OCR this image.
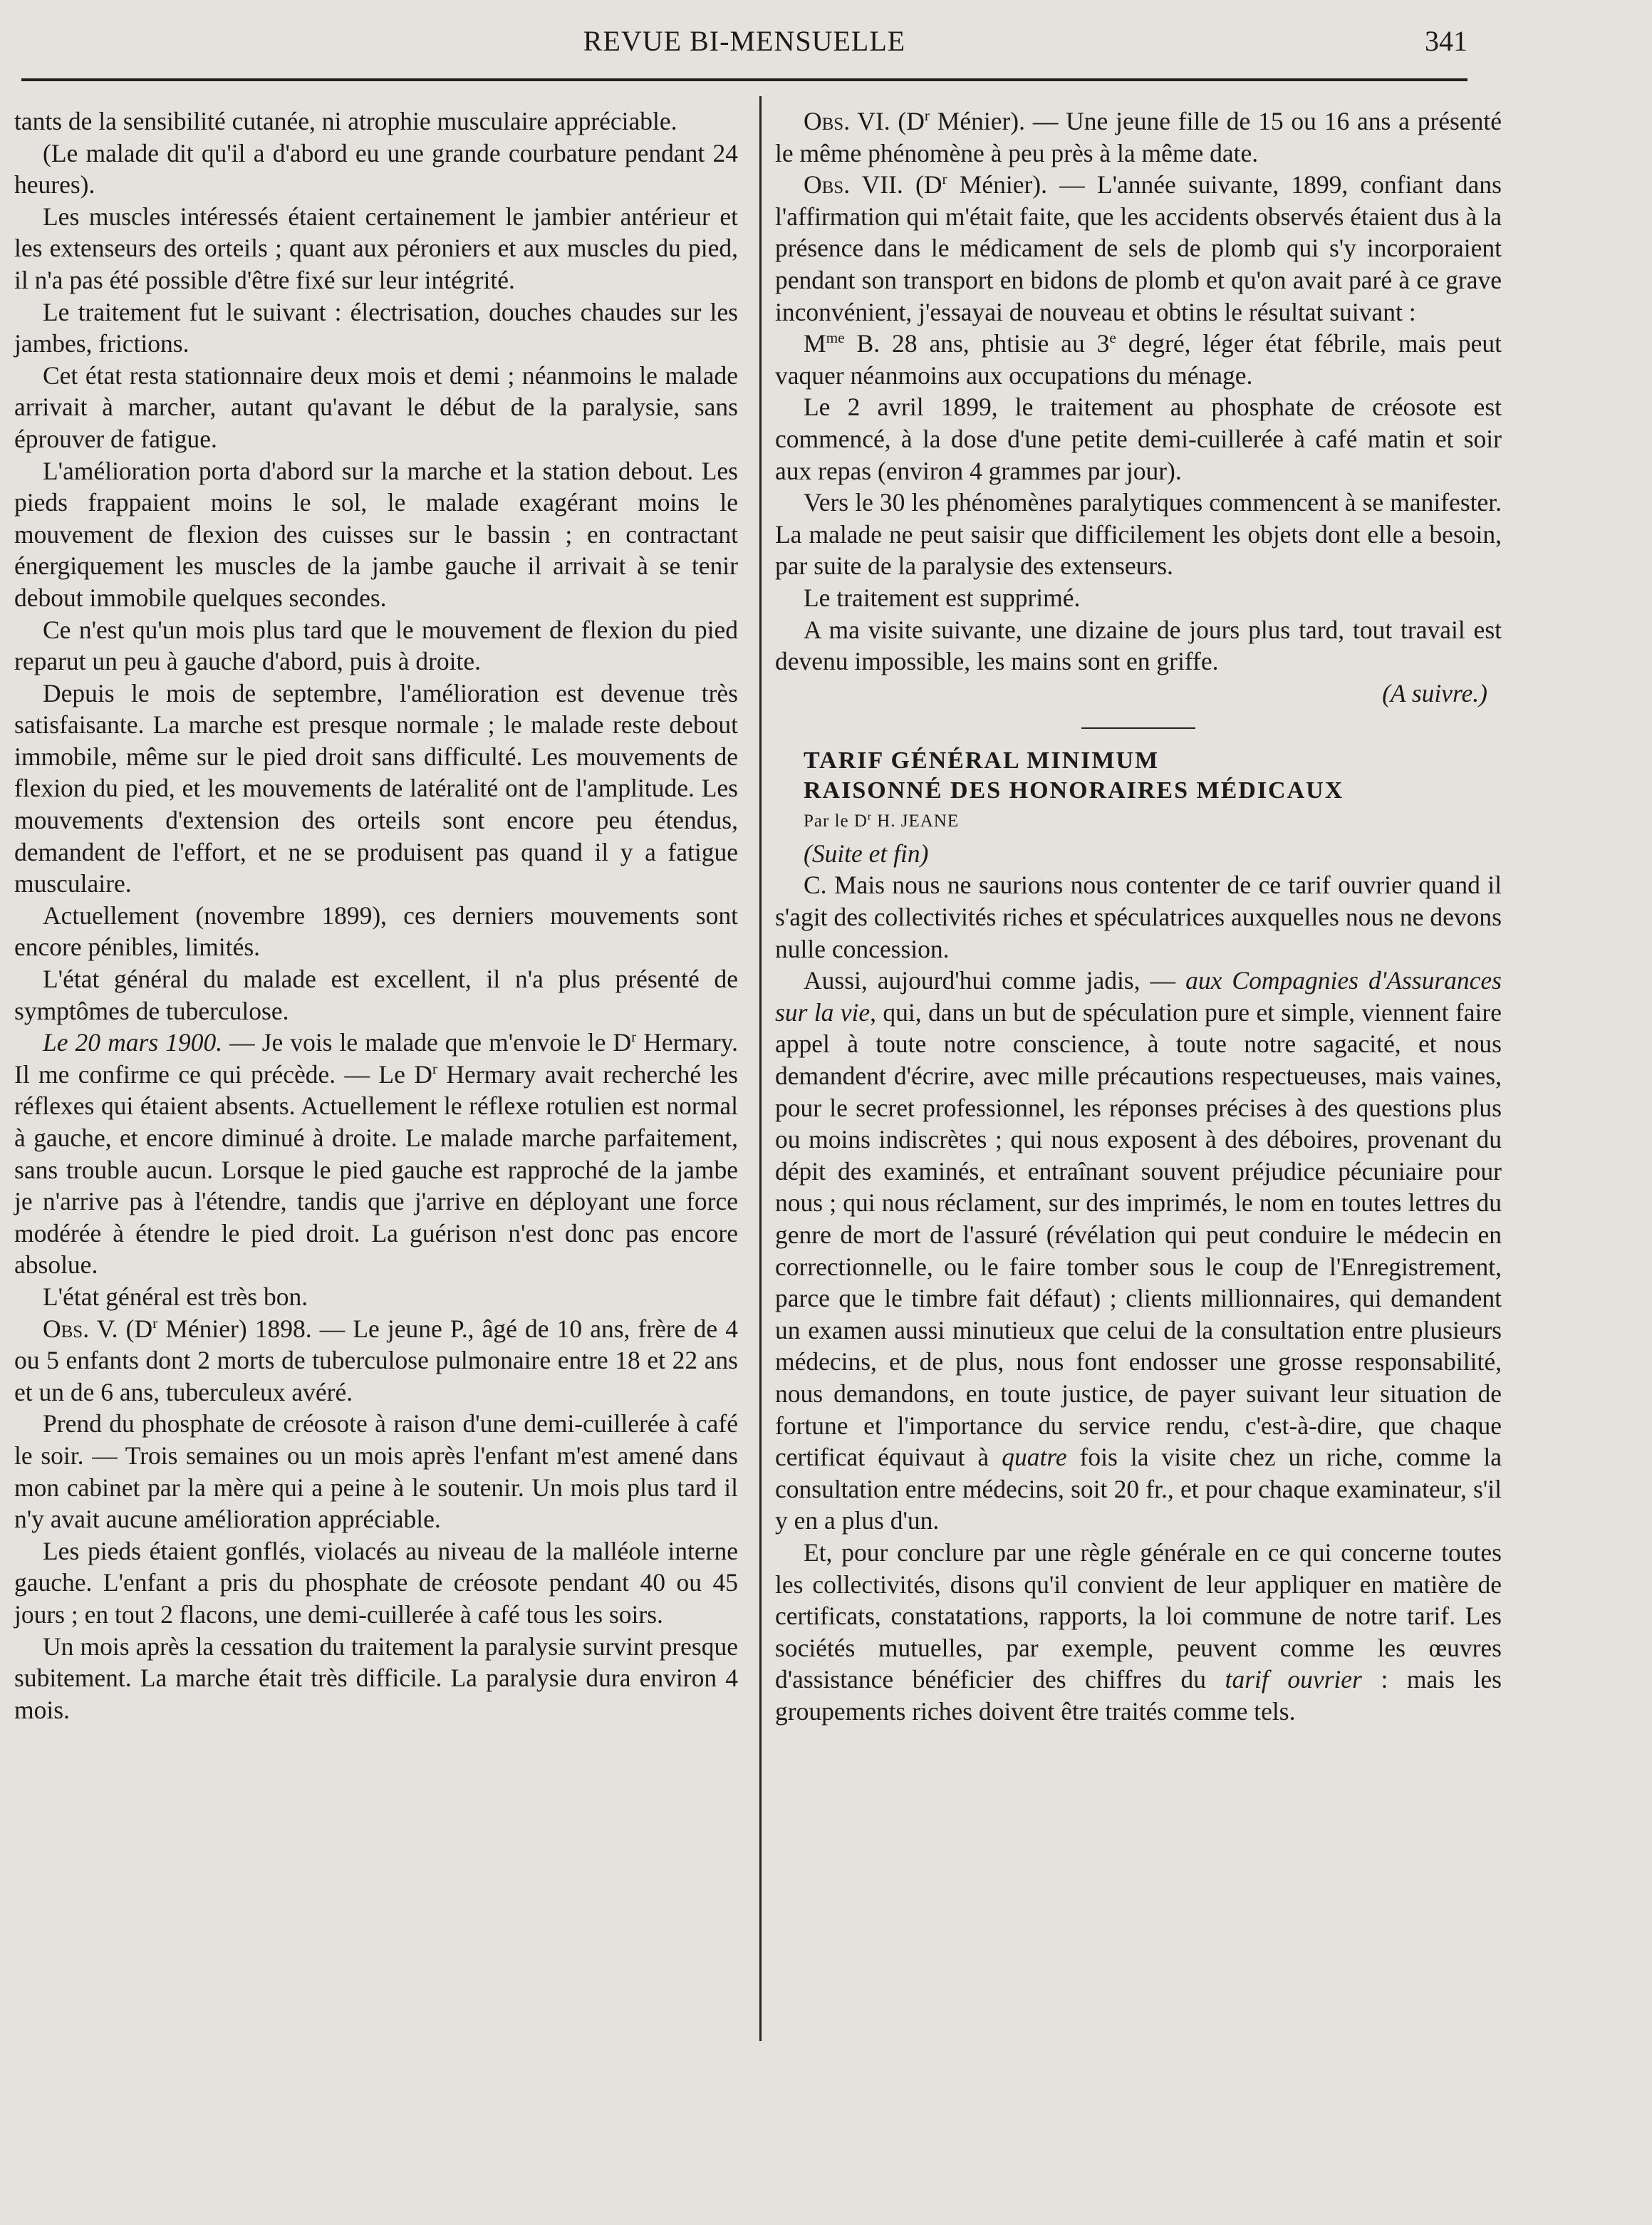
REVUE BI-MENSUELLE	341

tants de la sensibilité cutanée, ni atrophie musculaire appréciable.

(Le malade dit qu'il a d'abord eu une grande courbature pendant 24 heures).

Les muscles intéressés étaient certainement le jambier antérieur et les extenseurs des orteils ; quant aux péroniers et aux muscles du pied, il n'a pas été possible d'être fixé sur leur intégrité.

Le traitement fut le suivant : électrisation, douches chaudes sur les jambes, frictions.

Cet état resta stationnaire deux mois et demi ; néanmoins le malade arrivait à marcher, autant qu'avant le début de la paralysie, sans éprouver de fatigue.

L'amélioration porta d'abord sur la marche et la station debout. Les pieds frappaient moins le sol, le malade exagérant moins le mouvement de flexion des cuisses sur le bassin ; en contractant énergiquement les muscles de la jambe gauche il arrivait à se tenir debout immobile quelques secondes.

Ce n'est qu'un mois plus tard que le mouvement de flexion du pied reparut un peu à gauche d'abord, puis à droite.

Depuis le mois de septembre, l'amélioration est devenue très satisfaisante. La marche est presque normale ; le malade reste debout immobile, même sur le pied droit sans difficulté. Les mouvements de flexion du pied, et les mouvements de latéralité ont de l'amplitude. Les mouvements d'extension des orteils sont encore peu étendus, demandent de l'effort, et ne se produisent pas quand il y a fatigue musculaire.

Actuellement (novembre 1899), ces derniers mouvements sont encore pénibles, limités.

L'état général du malade est excellent, il n'a plus présenté de symptômes de tuberculose.

Le 20 mars 1900. — Je vois le malade que m'envoie le $D^r$ Hermary. Il me confirme ce qui précède. — Le $D^r$ Hermary avait recherché les réflexes qui étaient absents. Actuellement le réflexe rotulien est normal à gauche, et encore diminué à droite. Le malade marche parfaitement, sans trouble aucun. Lorsque le pied gauche est rapproché de la jambe je n'arrive pas à l'étendre, tandis que j'arrive en déployant une force modérée à étendre le pied droit. La guérison n'est donc pas encore absolue.

L'état général est très bon.

Obs. V. ($D^r$ Ménier) 1898. — Le jeune P., âgé de 10 ans, frère de 4 ou 5 enfants dont 2 morts de tuberculose pulmonaire entre 18 et 22 ans et un de 6 ans, tuberculeux avéré.

Prend du phosphate de créosote à raison d'une demi-cuillerée à café le soir. — Trois semaines ou un mois après l'enfant m'est amené dans mon cabinet par la mère qui a peine à le soutenir. Un mois plus tard il n'y avait aucune amélioration appréciable.

Les pieds étaient gonflés, violacés au niveau de la malléole interne gauche. L'enfant a pris du phosphate de créosote pendant 40 ou 45 jours ; en tout 2 flacons, une demi-cuillerée à café tous les soirs.

Un mois après la cessation du traitement la paralysie survint presque subitement. La marche était très difficile. La paralysie dura environ 4 mois.

Obs. VI. ($D^r$ Ménier). — Une jeune fille de 15 ou 16 ans a présenté le même phénomène à peu près à la même date.

Obs. VII. ($D^r$ Ménier). — L'année suivante, 1899, confiant dans l'affirmation qui m'était faite, que les accidents observés étaient dus à la présence dans le médicament de sels de plomb qui s'y incorporaient pendant son transport en bidons de plomb et qu'on avait paré à ce grave inconvénient, j'essayai de nouveau et obtins le résultat suivant :

$M^{me}$ B. 28 ans, phtisie au 3e degré, léger état fébrile, mais peut vaquer néanmoins aux occupations du ménage.

Le 2 avril 1899, le traitement au phosphate de créosote est commencé, à la dose d'une petite demi-cuillerée à café matin et soir aux repas (environ 4 grammes par jour).

Vers le 30 les phénomènes paralytiques commencent à se manifester. La malade ne peut saisir que difficilement les objets dont elle a besoin, par suite de la paralysie des extenseurs.

Le traitement est supprimé.

A ma visite suivante, une dizaine de jours plus tard, tout travail est devenu impossible, les mains sont en griffe.

(A suivre.)

TARIF GÉNÉRAL MINIMUM

RAISONNÉ DES HONORAIRES MÉDICAUX

Par le $D^r$ H. JEANE

(Suite et fin)

C. Mais nous ne saurions nous contenter de ce tarif ouvrier quand il s'agit des collectivités riches et spéculatrices auxquelles nous ne devons nulle concession.

Aussi, aujourd'hui comme jadis, — aux Compagnies d'Assurances sur la vie, qui, dans un but de spéculation pure et simple, viennent faire appel à toute notre conscience, à toute notre sagacité, et nous demandent d'écrire, avec mille précautions respectueuses, mais vaines, pour le secret professionnel, les réponses précises à des questions plus ou moins indiscrètes ; qui nous exposent à des déboires, provenant du dépit des examinés, et entraînant souvent préjudice pécuniaire pour nous ; qui nous réclament, sur des imprimés, le nom en toutes lettres du genre de mort de l'assuré (révélation qui peut conduire le médecin en correctionnelle, ou le faire tomber sous le coup de l'Enregistrement, parce que le timbre fait défaut) ; clients millionnaires, qui demandent un examen aussi minutieux que celui de la consultation entre plusieurs médecins, et de plus, nous font endosser une grosse responsabilité, nous demandons, en toute justice, de payer suivant leur situation de fortune et l'importance du service rendu, c'est-à-dire, que chaque certificat équivaut à quatre fois la visite chez un riche, comme la consultation entre médecins, soit 20 fr., et pour chaque examinateur, s'il y en a plus d'un.

Et, pour conclure par une règle générale en ce qui concerne toutes les collectivités, disons qu'il convient de leur appliquer en matière de certificats, constatations, rapports, la loi commune de notre tarif. Les sociétés mutuelles, par exemple, peuvent comme les œuvres d'assistance bénéficier des chiffres du tarif ouvrier : mais les groupements riches doivent être traités comme tels.
